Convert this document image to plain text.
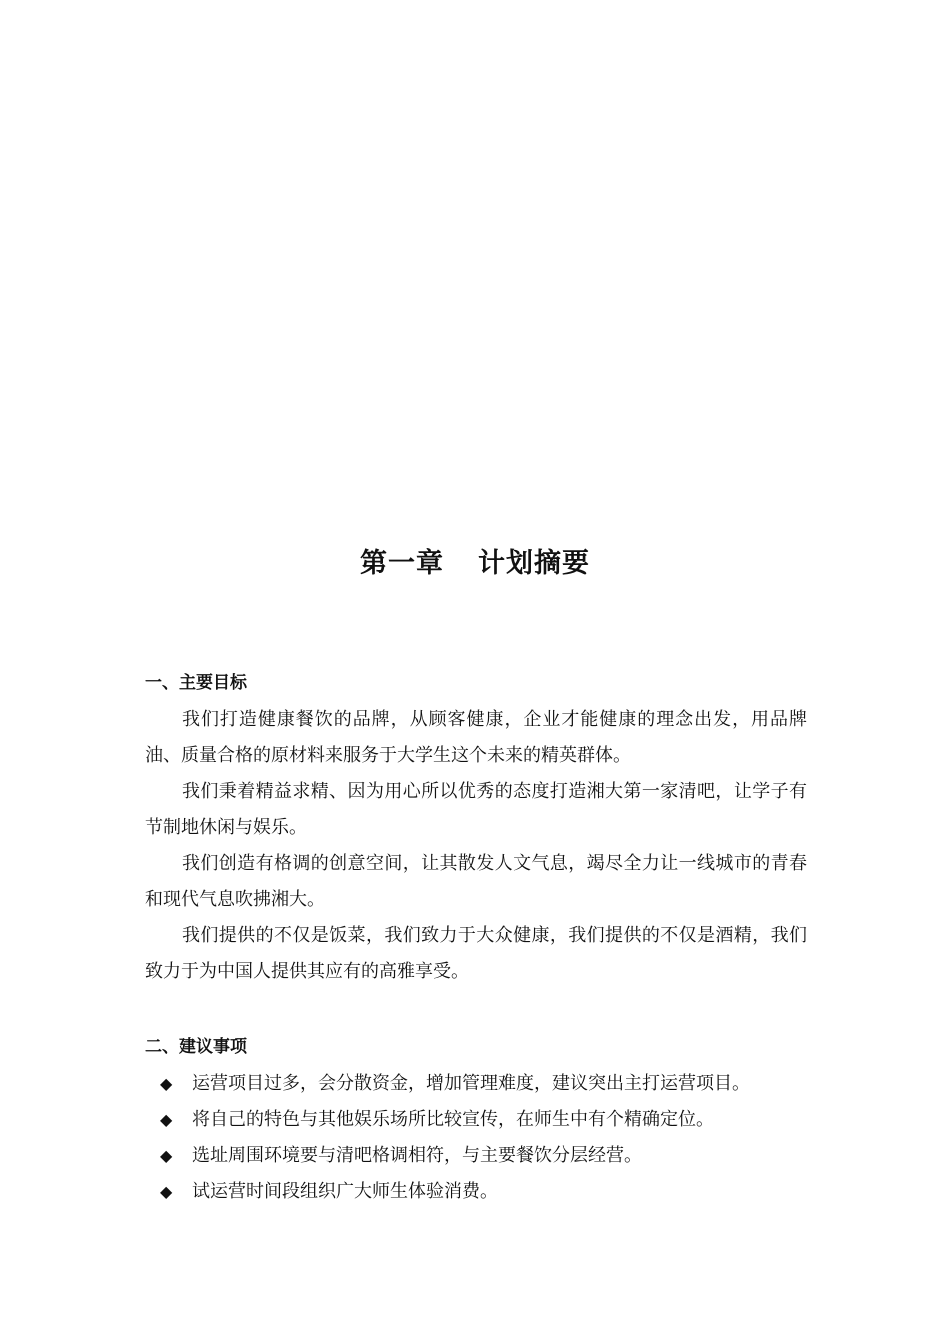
第一章 计划摘要
一、主要目标

我们打造健康餐饮的品牌，从顾客健康，企业才能健康的理念出发，用品牌油、质量合格的原材料来服务于大学生这个未来的精英群体。

我们秉着精益求精、因为用心所以优秀的态度打造湘大第一家清吧，让学子有节制地休闲与娱乐。

我们创造有格调的创意空间，让其散发人文气息，竭尽全力让一线城市的青春和现代气息吹拂湘大。

我们提供的不仅是饭菜，我们致力于大众健康，我们提供的不仅是酒精，我们致力于为中国人提供其应有的高雅享受。

二、建议事项
◆ 运营项目过多，会分散资金，增加管理难度，建议突出主打运营项目。
◆ 将自己的特色与其他娱乐场所比较宣传，在师生中有个精确定位。
◆ 选址周围环境要与清吧格调相符，与主要餐饮分层经营。
◆ 试运营时间段组织广大师生体验消费。
